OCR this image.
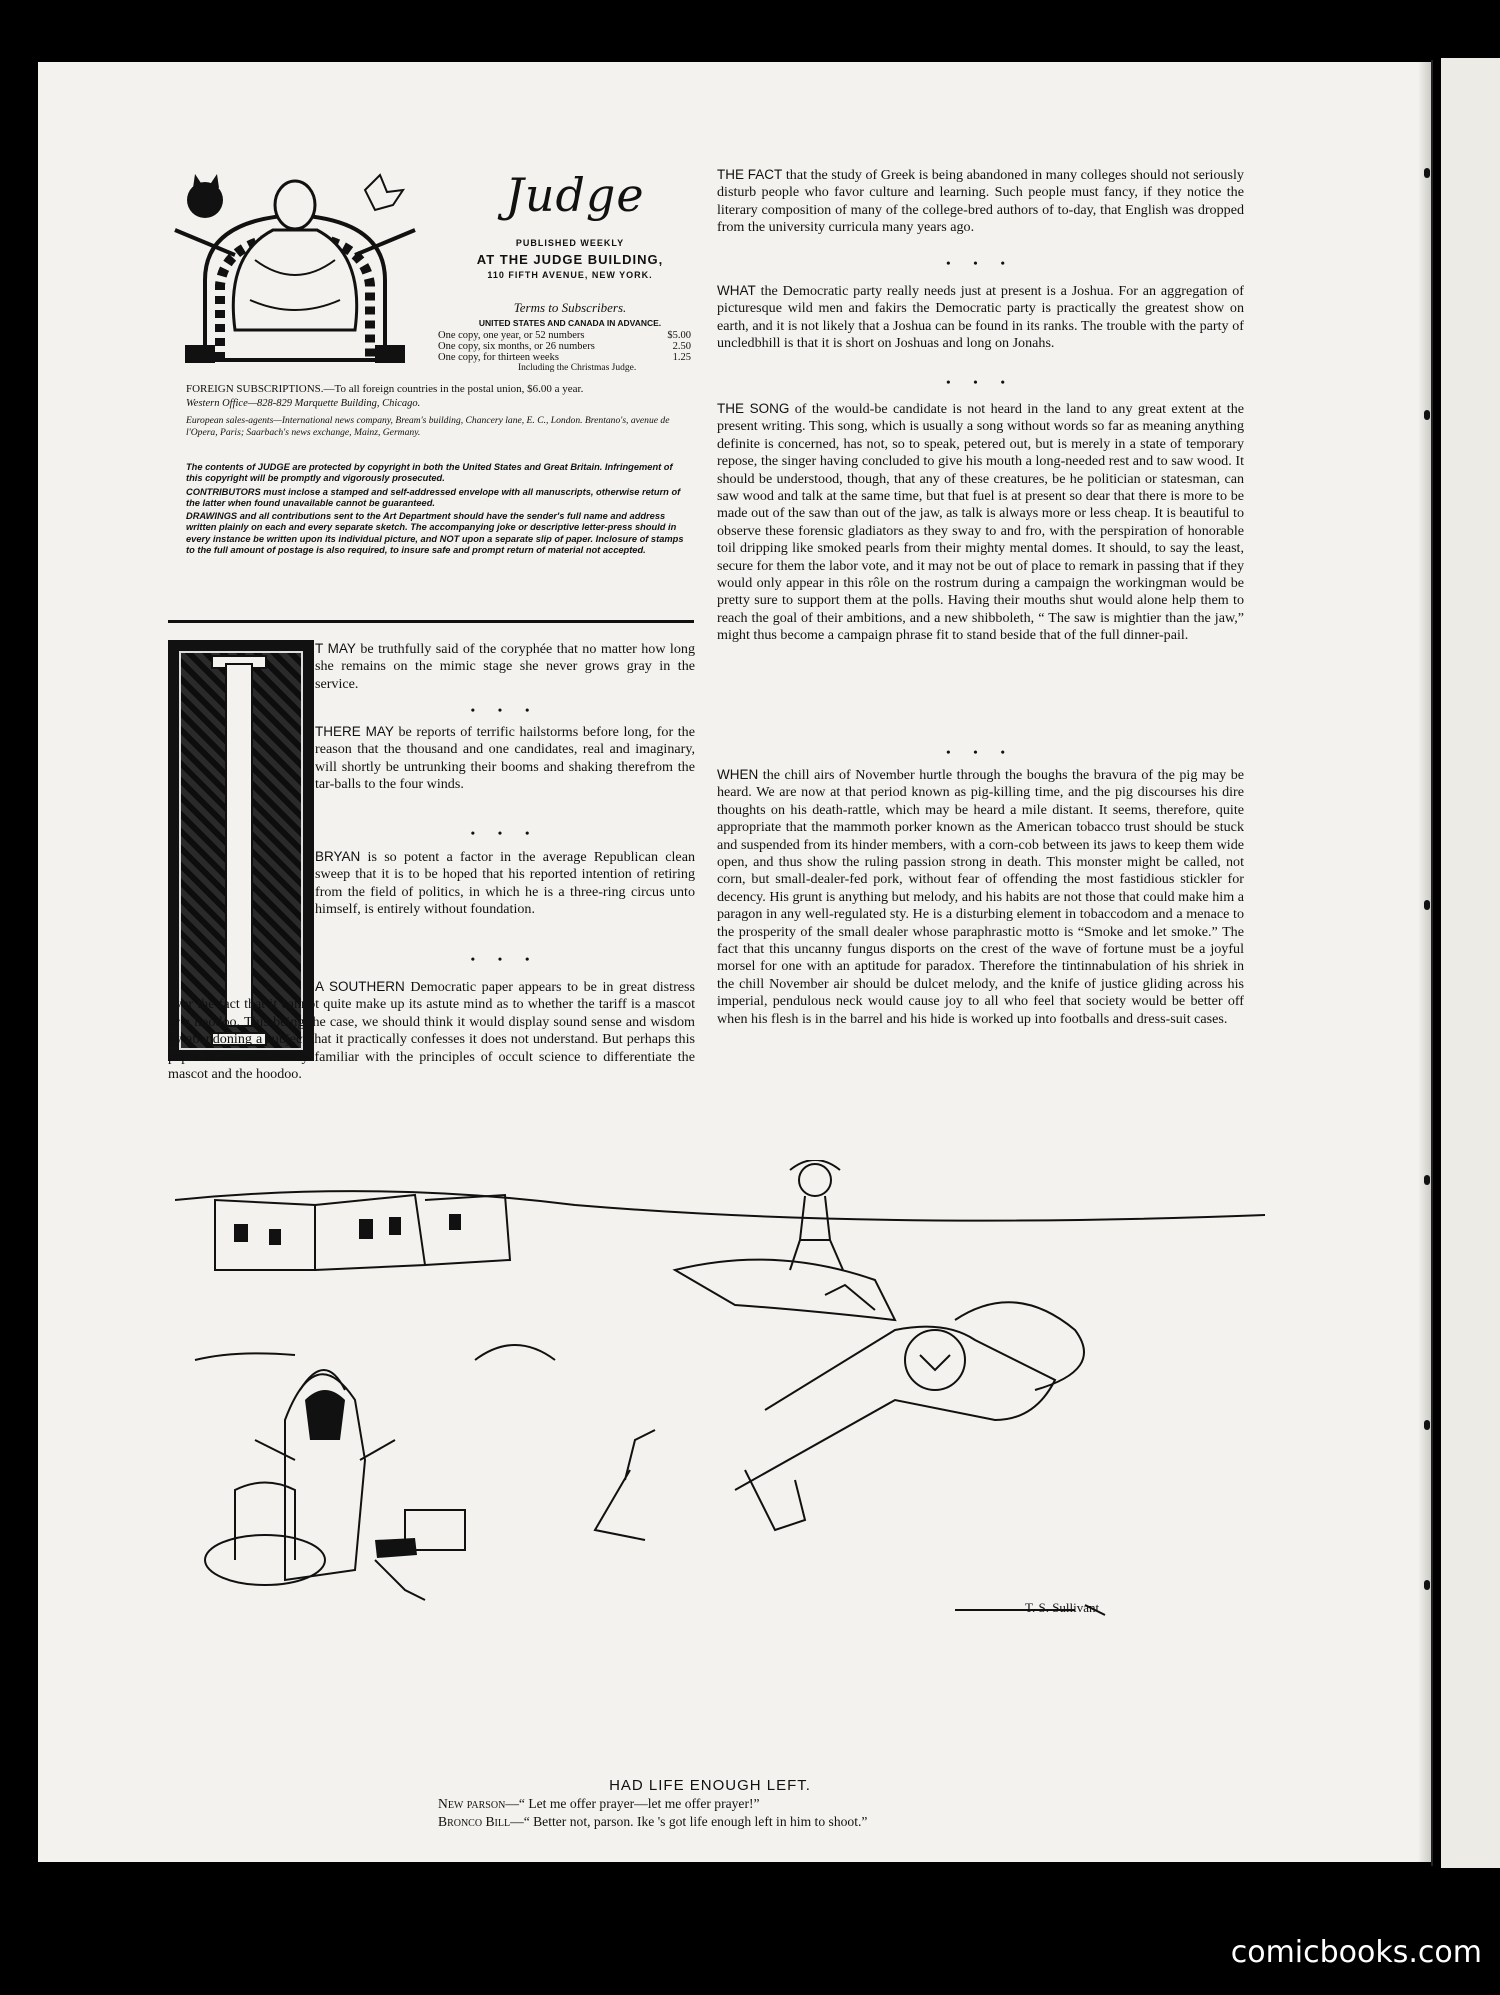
Judge
PUBLISHED WEEKLY
AT THE JUDGE BUILDING,
110 FIFTH AVENUE, NEW YORK.
Terms to Subscribers.
UNITED STATES AND CANADA IN ADVANCE.
One copy, one year, or 52 numbers	$5.00
One copy, six months, or 26 numbers	2.50
One copy, for thirteen weeks	1.25
Including the Christmas Judge.
FOREIGN SUBSCRIPTIONS.—To all foreign countries in the postal union, $6.00 a year.
Western Office—828-829 Marquette Building, Chicago.
European sales-agents—International news company, Bream's building, Chancery lane, E. C., London. Brentano's, avenue de l'Opera, Paris; Saarbach's news exchange, Mainz, Germany.
The contents of JUDGE are protected by copyright in both the United States and Great Britain. Infringement of this copyright will be promptly and vigorously prosecuted.
CONTRIBUTORS must inclose a stamped and self-addressed envelope with all manuscripts, otherwise return of the latter when found unavailable cannot be guaranteed.
DRAWINGS and all contributions sent to the Art Department should have the sender's full name and address written plainly on each and every separate sketch. The accompanying joke or descriptive letter-press should in every instance be written upon its individual picture, and NOT upon a separate slip of paper. Inclosure of stamps to the full amount of postage is also required, to insure safe and prompt return of material not accepted.
T MAY be truthfully said of the coryphée that no matter how long she remains on the mimic stage she never grows gray in the service.
• • •
THERE MAY be reports of terrific hailstorms before long, for the reason that the thousand and one candidates, real and imaginary, will shortly be untrunking their booms and shaking therefrom the tar-balls to the four winds.
• • •
BRYAN is so potent a factor in the average Republican clean sweep that it is to be hoped that his reported intention of retiring from the field of politics, in which he is a three-ring circus unto himself, is entirely without foundation.
• • •
A SOUTHERN Democratic paper appears to be in great distress over the fact that it cannot quite make up its astute mind as to whether the tariff is a mascot or a hoodoo. This being the case, we should think it would display sound sense and wisdom by abandoning a subject that it practically confesses it does not understand. But perhaps this paper is not sufficiently familiar with the principles of occult science to differentiate the mascot and the hoodoo.
THE FACT that the study of Greek is being abandoned in many colleges should not seriously disturb people who favor culture and learning. Such people must fancy, if they notice the literary composition of many of the college-bred authors of to-day, that English was dropped from the university curricula many years ago.
• • •
WHAT the Democratic party really needs just at present is a Joshua. For an aggregation of picturesque wild men and fakirs the Democratic party is practically the greatest show on earth, and it is not likely that a Joshua can be found in its ranks. The trouble with the party of uncledbhill is that it is short on Joshuas and long on Jonahs.
• • •
THE SONG of the would-be candidate is not heard in the land to any great extent at the present writing. This song, which is usually a song without words so far as meaning anything definite is concerned, has not, so to speak, petered out, but is merely in a state of temporary repose, the singer having concluded to give his mouth a long-needed rest and to saw wood. It should be understood, though, that any of these creatures, be he politician or statesman, can saw wood and talk at the same time, but that fuel is at present so dear that there is more to be made out of the saw than out of the jaw, as talk is always more or less cheap. It is beautiful to observe these forensic gladiators as they sway to and fro, with the perspiration of honorable toil dripping like smoked pearls from their mighty mental domes. It should, to say the least, secure for them the labor vote, and it may not be out of place to remark in passing that if they would only appear in this rôle on the rostrum during a campaign the workingman would be pretty sure to support them at the polls. Having their mouths shut would alone help them to reach the goal of their ambitions, and a new shibboleth, “ The saw is mightier than the jaw,” might thus become a campaign phrase fit to stand beside that of the full dinner-pail.
• • •
WHEN the chill airs of November hurtle through the boughs the bravura of the pig may be heard. We are now at that period known as pig-killing time, and the pig discourses his dire thoughts on his death-rattle, which may be heard a mile distant. It seems, therefore, quite appropriate that the mammoth porker known as the American tobacco trust should be stuck and suspended from its hinder members, with a corn-cob between its jaws to keep them wide open, and thus show the ruling passion strong in death. This monster might be called, not corn, but small-dealer-fed pork, without fear of offending the most fastidious stickler for decency. His grunt is anything but melody, and his habits are not those that could make him a paragon in any well-regulated sty. He is a disturbing element in tobaccodom and a menace to the prosperity of the small dealer whose paraphrastic motto is “Smoke and let smoke.” The fact that this uncanny fungus disports on the crest of the wave of fortune must be a joyful morsel for one with an aptitude for paradox. Therefore the tintinnabulation of his shriek in the chill November air should be dulcet melody, and the knife of justice gliding across his imperial, pendulous neck would cause joy to all who feel that society would be better off when his flesh is in the barrel and his hide is worked up into footballs and dress-suit cases.
T. S. Sullivant
HAD LIFE ENOUGH LEFT.
New parson—“ Let me offer prayer—let me offer prayer!”
Bronco Bill—“ Better not, parson. Ike 's got life enough left in him to shoot.”
comicbooks.com
